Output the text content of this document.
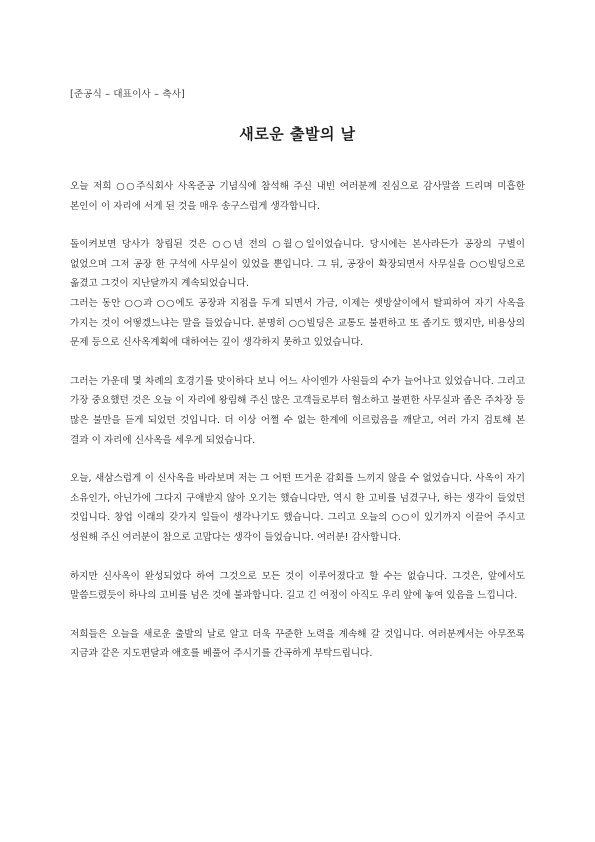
[준공식 – 대표이사 – 축사]
새로운 출발의 날

오늘 저희 ○○주식회사 사옥준공 기념식에 참석해 주신 내빈 여러분께 진심으로 감사말씀 드리며 미흡한 본인이 이 자리에 서게 된 것을 매우 송구스럽게 생각합니다.

돌이켜보면 당사가 창립된 것은 ○○년 전의 ○월○일이었습니다. 당시에는 본사라든가 공장의 구별이 없었으며 그저 공장 한 구석에 사무실이 있었을 뿐입니다. 그 뒤, 공장이 확장되면서 사무실을 ○○빌딩으로 옮겼고 그것이 지난달까지 계속되었습니다.

그러는 동안 ○○과 ○○에도 공장과 지점을 두게 되면서 가금, 이제는 셋방살이에서 탈피하여 자기 사옥을 가지는 것이 어떻겠느냐는 말을 들었습니다. 분명히 ○○빌딩은 교통도 불편하고 또 좁기도 했지만, 비용상의 문제 등으로 신사옥계획에 대하여는 깊이 생각하지 못하고 있었습니다.

그러는 가운데 몇 차례의 호경기를 맞이하다 보니 어느 사이엔가 사원들의 수가 늘어나고 있었습니다. 그리고 가장 중요했던 것은 오늘 이 자리에 왕림해 주신 많은 고객들로부터 협소하고 불편한 사무실과 좁은 주차장 등 많은 불만을 듣게 되었던 것입니다. 더 이상 어쩔 수 없는 한계에 이르렀음을 깨닫고, 여러 가지 검토해 본 결과 이 자리에 신사옥을 세우게 되었습니다.

오늘, 새삼스럽게 이 신사옥을 바라보며 저는 그 어떤 뜨거운 감회를 느끼지 않을 수 없었습니다. 사옥이 자기 소유인가, 아닌가에 그다지 구애받지 않아 오기는 했습니다만, 역시 한 고비를 넘겼구나, 하는 생각이 들었던 것입니다. 창업 이래의 갖가지 일들이 생각나기도 했습니다. 그리고 오늘의 ○○이 있기까지 이끌어 주시고 성원해 주신 여러분이 참으로 고맙다는 생각이 들었습니다. 여러분! 감사합니다.

하지만 신사옥이 완성되었다 하여 그것으로 모든 것이 이루어졌다고 할 수는 없습니다. 그것은, 앞에서도 말씀드렸듯이 하나의 고비를 넘은 것에 불과합니다. 길고 긴 여정이 아직도 우리 앞에 놓여 있음을 느낍니다.

저희들은 오늘을 새로운 출발의 날로 알고 더욱 꾸준한 노력을 계속해 갈 것입니다. 여러분께서는 아무쪼록 지금과 같은 지도편달과 애호를 베풀어 주시기를 간곡하게 부탁드립니다.
